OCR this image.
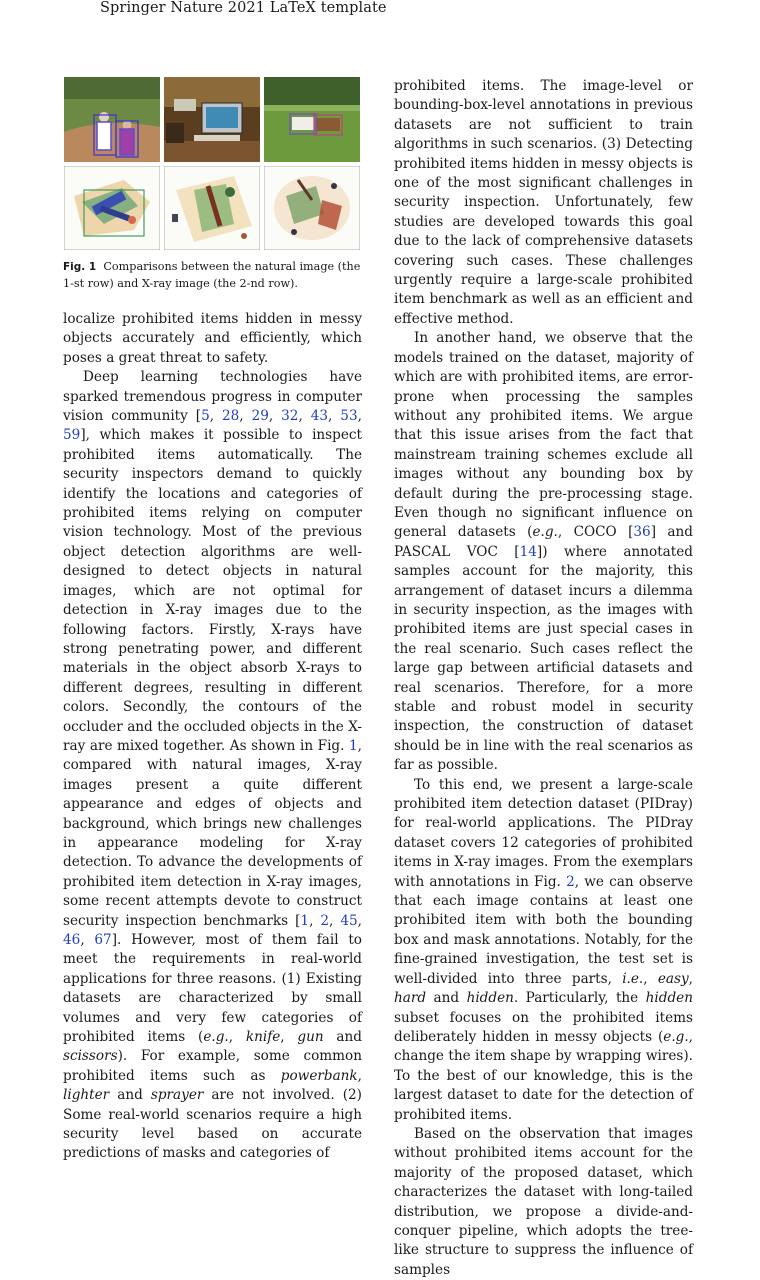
Springer Nature 2021 LaTeX template
Fig. 1 Comparisons between the natural image (the 1-st row) and X-ray image (the 2-nd row).

localize prohibited items hidden in messy objects accurately and efficiently, which poses a great threat to safety.

Deep learning technologies have sparked tremendous progress in computer vision community [5, 28, 29, 32, 43, 53, 59], which makes it possible to inspect prohibited items automatically. The security inspectors demand to quickly identify the locations and categories of prohibited items relying on computer vision technology. Most of the previous object detection algorithms are well-designed to detect objects in natural images, which are not optimal for detection in X-ray images due to the following factors. Firstly, X-rays have strong penetrating power, and different materials in the object absorb X-rays to different degrees, resulting in different colors. Secondly, the contours of the occluder and the occluded objects in the X-ray are mixed together. As shown in Fig. 1, compared with natural images, X-ray images present a quite different appearance and edges of objects and background, which brings new challenges in appearance modeling for X-ray detection. To advance the developments of prohibited item detection in X-ray images, some recent attempts devote to construct security inspection benchmarks [1, 2, 45, 46, 67]. However, most of them fail to meet the requirements in real-world applications for three reasons. (1) Existing datasets are characterized by small volumes and very few categories of prohibited items (e.g., knife, gun and scissors). For example, some common prohibited items such as powerbank, lighter and sprayer are not involved. (2) Some real-world scenarios require a high security level based on accurate predictions of masks and categories of

prohibited items. The image-level or bounding-box-level annotations in previous datasets are not sufficient to train algorithms in such scenarios. (3) Detecting prohibited items hidden in messy objects is one of the most significant challenges in security inspection. Unfortunately, few studies are developed towards this goal due to the lack of comprehensive datasets covering such cases. These challenges urgently require a large-scale prohibited item benchmark as well as an efficient and effective method.

In another hand, we observe that the models trained on the dataset, majority of which are with prohibited items, are error-prone when processing the samples without any prohibited items. We argue that this issue arises from the fact that mainstream training schemes exclude all images without any bounding box by default during the pre-processing stage. Even though no significant influence on general datasets (e.g., COCO [36] and PASCAL VOC [14]) where annotated samples account for the majority, this arrangement of dataset incurs a dilemma in security inspection, as the images with prohibited items are just special cases in the real scenario. Such cases reflect the large gap between artificial datasets and real scenarios. Therefore, for a more stable and robust model in security inspection, the construction of dataset should be in line with the real scenarios as far as possible.

To this end, we present a large-scale prohibited item detection dataset (PIDray) for real-world applications. The PIDray dataset covers 12 categories of prohibited items in X-ray images. From the exemplars with annotations in Fig. 2, we can observe that each image contains at least one prohibited item with both the bounding box and mask annotations. Notably, for the fine-grained investigation, the test set is well-divided into three parts, i.e., easy, hard and hidden. Particularly, the hidden subset focuses on the prohibited items deliberately hidden in messy objects (e.g., change the item shape by wrapping wires). To the best of our knowledge, this is the largest dataset to date for the detection of prohibited items.

Based on the observation that images without prohibited items account for the majority of the proposed dataset, which characterizes the dataset with long-tailed distribution, we propose a divide-and-conquer pipeline, which adopts the tree-like structure to suppress the influence of samples
